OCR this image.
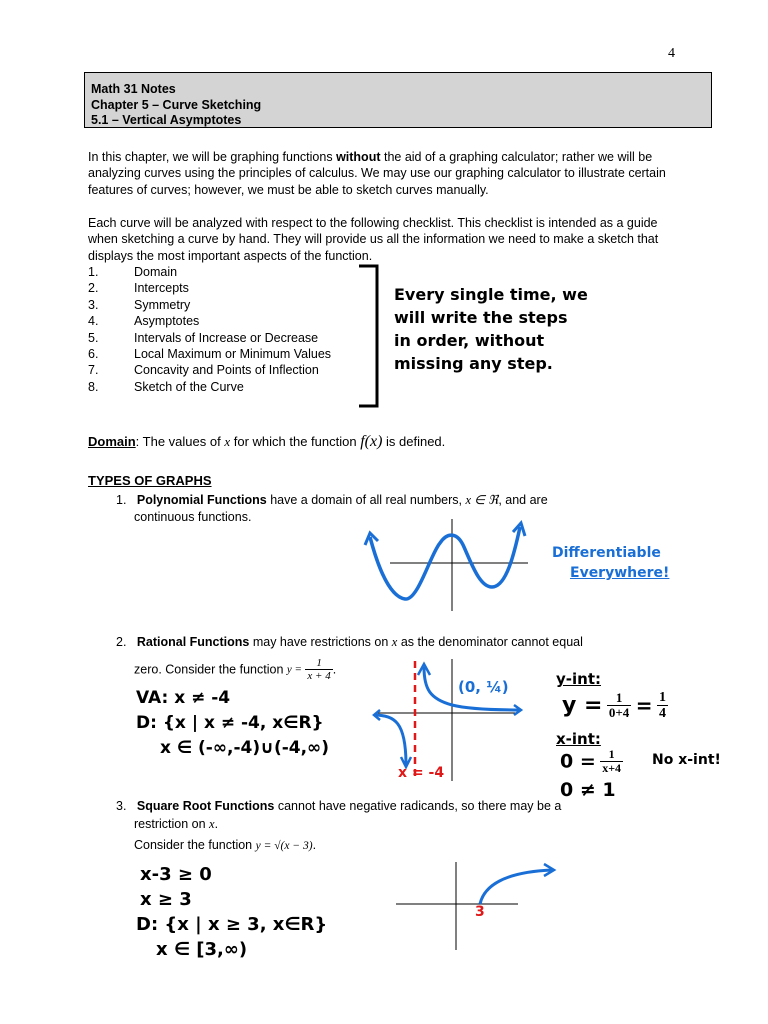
4
Math 31 Notes
Chapter 5 – Curve Sketching
5.1 – Vertical Asymptotes
In this chapter, we will be graphing functions without the aid of a graphing calculator; rather we will be analyzing curves using the principles of calculus. We may use our graphing calculator to illustrate certain features of curves; however, we must be able to sketch curves manually.
Each curve will be analyzed with respect to the following checklist. This checklist is intended as a guide when sketching a curve by hand. They will provide us all the information we need to make a sketch that displays the most important aspects of the function.
1.	Domain
2.	Intercepts
3.	Symmetry
4.	Asymptotes
5.	Intervals of Increase or Decrease
6.	Local Maximum or Minimum Values
7.	Concavity and Points of Inflection
8.	Sketch of the Curve
Every single time, we
will write the steps
in order, without
missing any step.
Domain: The values of x for which the function f(x) is defined.
TYPES OF GRAPHS
1. Polynomial Functions have a domain of all real numbers, x ∈ ℜ, and are
continuous functions.
Differentiable
Everywhere!
2. Rational Functions may have restrictions on x as the denominator cannot equal
zero. Consider the function $y = \frac{1}{x + 4}$ .
VA: x ≠ -4
D: {x | x ≠ -4, x∈R}
x ∈ (-∞,-4)∪(-4,∞)
(0, ¼)
x = -4
y-int:
$y = \frac{1}{0+4} = \frac{1}{4}$
x-int:
$0 = \frac{1}{x+4}$
0 ≠ 1
No x-int!
3. Square Root Functions cannot have negative radicands, so there may be a
restriction on x.
Consider the function y = √(x − 3).
x-3 ≥ 0
x ≥ 3
D: {x | x ≥ 3, x∈R}
x ∈ [3,∞)
3
